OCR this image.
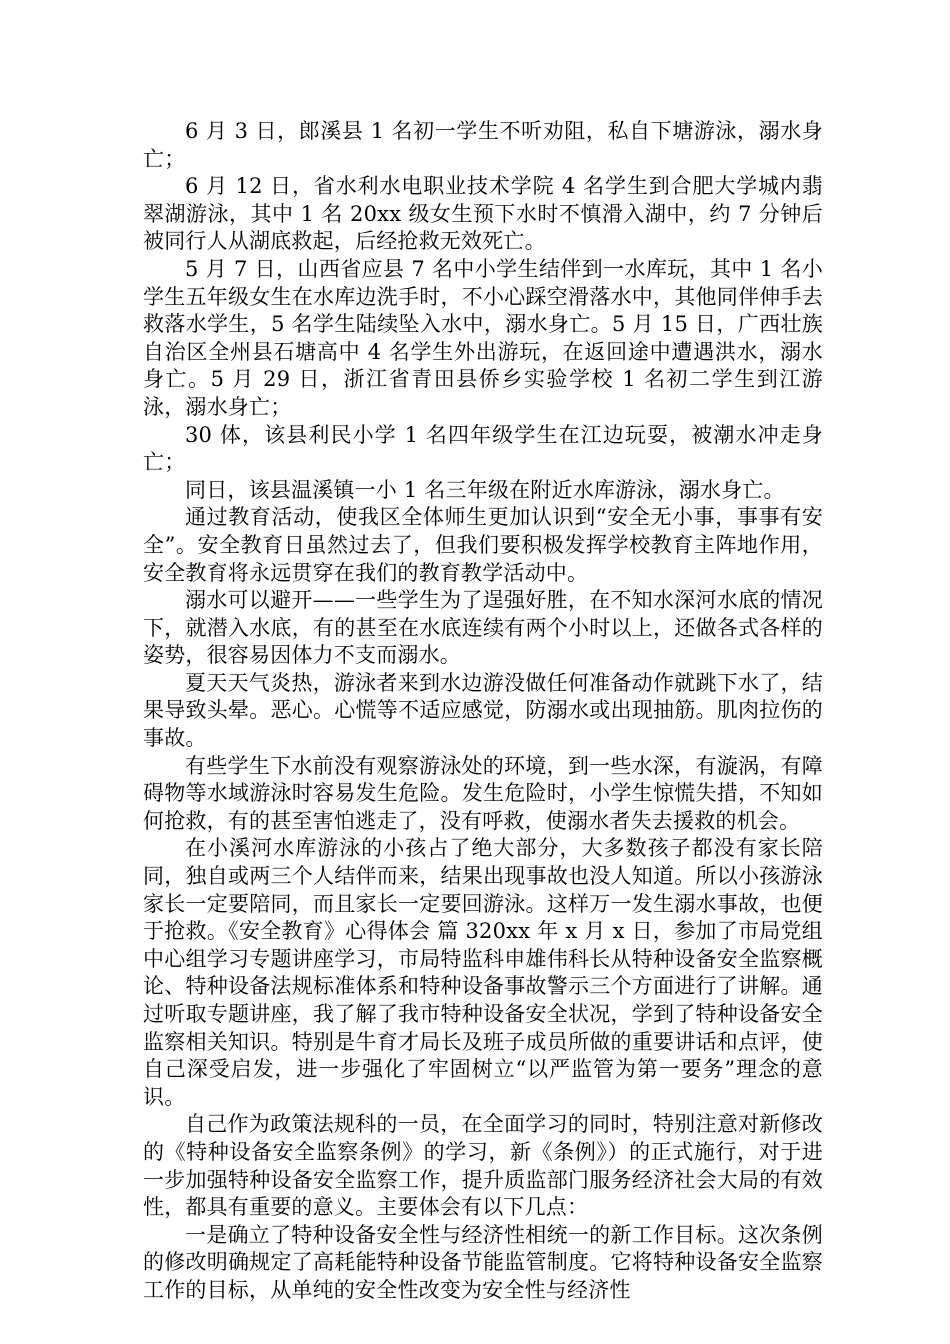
6 月 3 日，郎溪县 1 名初一学生不听劝阻，私自下塘游泳，溺水身亡；

6 月 12 日，省水利水电职业技术学院 4 名学生到合肥大学城内翡翠湖游泳，其中 1 名 20xx 级女生预下水时不慎滑入湖中，约 7 分钟后被同行人从湖底救起，后经抢救无效死亡。

5 月 7 日，山西省应县 7 名中小学生结伴到一水库玩，其中 1 名小学生五年级女生在水库边洗手时，不小心踩空滑落水中，其他同伴伸手去救落水学生，5 名学生陆续坠入水中，溺水身亡。5 月 15 日，广西壮族自治区全州县石塘高中 4 名学生外出游玩，在返回途中遭遇洪水，溺水身亡。5 月 29 日，浙江省青田县侨乡实验学校 1 名初二学生到江游泳，溺水身亡；

30 体，该县利民小学 1 名四年级学生在江边玩耍，被潮水冲走身亡；

同日，该县温溪镇一小 1 名三年级在附近水库游泳，溺水身亡。

通过教育活动，使我区全体师生更加认识到“安全无小事，事事有安全”。安全教育日虽然过去了，但我们要积极发挥学校教育主阵地作用，安全教育将永远贯穿在我们的教育教学活动中。

溺水可以避开——一些学生为了逞强好胜，在不知水深河水底的情况下，就潜入水底，有的甚至在水底连续有两个小时以上，还做各式各样的姿势，很容易因体力不支而溺水。

夏天天气炎热，游泳者来到水边游没做任何准备动作就跳下水了，结果导致头晕。恶心。心慌等不适应感觉，防溺水或出现抽筋。肌肉拉伤的事故。

有些学生下水前没有观察游泳处的环境，到一些水深，有漩涡，有障碍物等水域游泳时容易发生危险。发生危险时，小学生惊慌失措，不知如何抢救，有的甚至害怕逃走了，没有呼救，使溺水者失去援救的机会。

在小溪河水库游泳的小孩占了绝大部分，大多数孩子都没有家长陪同，独自或两三个人结伴而来，结果出现事故也没人知道。所以小孩游泳家长一定要陪同，而且家长一定要回游泳。这样万一发生溺水事故，也便于抢救。《安全教育》心得体会 篇 320xx 年 x 月 x 日，参加了市局党组中心组学习专题讲座学习，市局特监科申雄伟科长从特种设备安全监察概论、特种设备法规标准体系和特种设备事故警示三个方面进行了讲解。通过听取专题讲座，我了解了我市特种设备安全状况，学到了特种设备安全监察相关知识。特别是牛育才局长及班子成员所做的重要讲话和点评，使自己深受启发，进一步强化了牢固树立“以严监管为第一要务”理念的意识。

自己作为政策法规科的一员，在全面学习的同时，特别注意对新修改的《特种设备安全监察条例》的学习，新《条例》）的正式施行，对于进一步加强特种设备安全监察工作，提升质监部门服务经济社会大局的有效性，都具有重要的意义。主要体会有以下几点：

一是确立了特种设备安全性与经济性相统一的新工作目标。这次条例的修改明确规定了高耗能特种设备节能监管制度。它将特种设备安全监察工作的目标，从单纯的安全性改变为安全性与经济性
